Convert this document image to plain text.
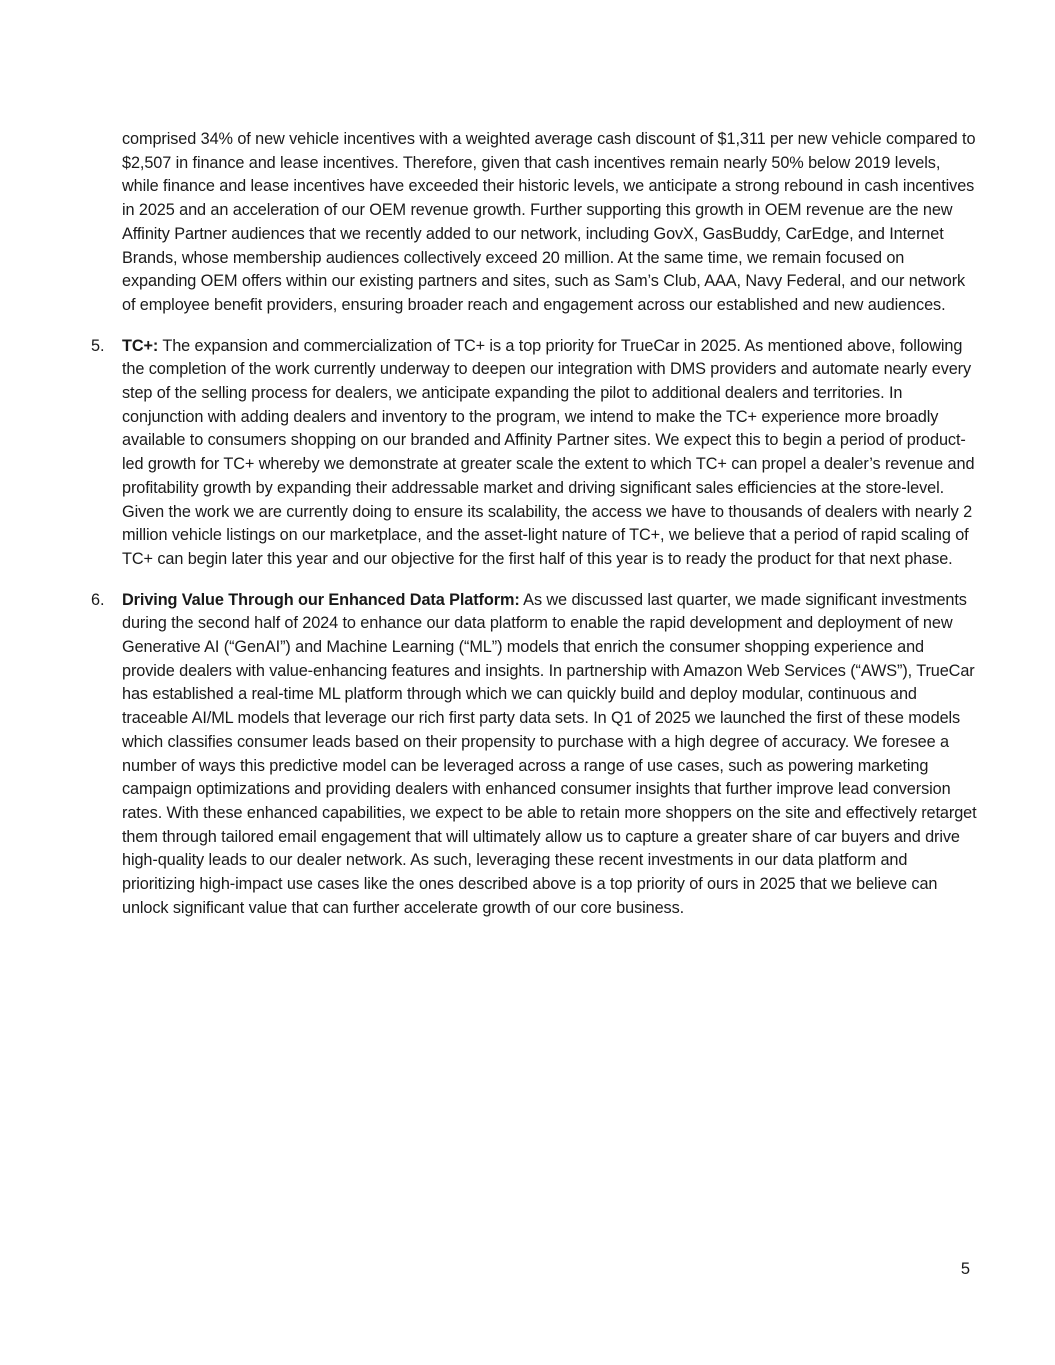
comprised 34% of new vehicle incentives with a weighted average cash discount of $1,311 per new vehicle compared to $2,507 in finance and lease incentives. Therefore, given that cash incentives remain nearly 50% below 2019 levels, while finance and lease incentives have exceeded their historic levels, we anticipate a strong rebound in cash incentives in 2025 and an acceleration of our OEM revenue growth. Further supporting this growth in OEM revenue are the new Affinity Partner audiences that we recently added to our network, including GovX, GasBuddy, CarEdge, and Internet Brands, whose membership audiences collectively exceed 20 million. At the same time, we remain focused on expanding OEM offers within our existing partners and sites, such as Sam’s Club, AAA, Navy Federal, and our network of employee benefit providers, ensuring broader reach and engagement across our established and new audiences.

5. TC+: The expansion and commercialization of TC+ is a top priority for TrueCar in 2025. As mentioned above, following the completion of the work currently underway to deepen our integration with DMS providers and automate nearly every step of the selling process for dealers, we anticipate expanding the pilot to additional dealers and territories. In conjunction with adding dealers and inventory to the program, we intend to make the TC+ experience more broadly available to consumers shopping on our branded and Affinity Partner sites. We expect this to begin a period of product-led growth for TC+ whereby we demonstrate at greater scale the extent to which TC+ can propel a dealer’s revenue and profitability growth by expanding their addressable market and driving significant sales efficiencies at the store-level. Given the work we are currently doing to ensure its scalability, the access we have to thousands of dealers with nearly 2 million vehicle listings on our marketplace, and the asset-light nature of TC+, we believe that a period of rapid scaling of TC+ can begin later this year and our objective for the first half of this year is to ready the product for that next phase.
6. Driving Value Through our Enhanced Data Platform: As we discussed last quarter, we made significant investments during the second half of 2024 to enhance our data platform to enable the rapid development and deployment of new Generative AI (“GenAI”) and Machine Learning (“ML”) models that enrich the consumer shopping experience and provide dealers with value-enhancing features and insights. In partnership with Amazon Web Services (“AWS”), TrueCar has established a real-time ML platform through which we can quickly build and deploy modular, continuous and traceable AI/ML models that leverage our rich first party data sets. In Q1 of 2025 we launched the first of these models which classifies consumer leads based on their propensity to purchase with a high degree of accuracy. We foresee a number of ways this predictive model can be leveraged across a range of use cases, such as powering marketing campaign optimizations and providing dealers with enhanced consumer insights that further improve lead conversion rates. With these enhanced capabilities, we expect to be able to retain more shoppers on the site and effectively retarget them through tailored email engagement that will ultimately allow us to capture a greater share of car buyers and drive high-quality leads to our dealer network. As such, leveraging these recent investments in our data platform and prioritizing high-impact use cases like the ones described above is a top priority of ours in 2025 that we believe can unlock significant value that can further accelerate growth of our core business.
5
